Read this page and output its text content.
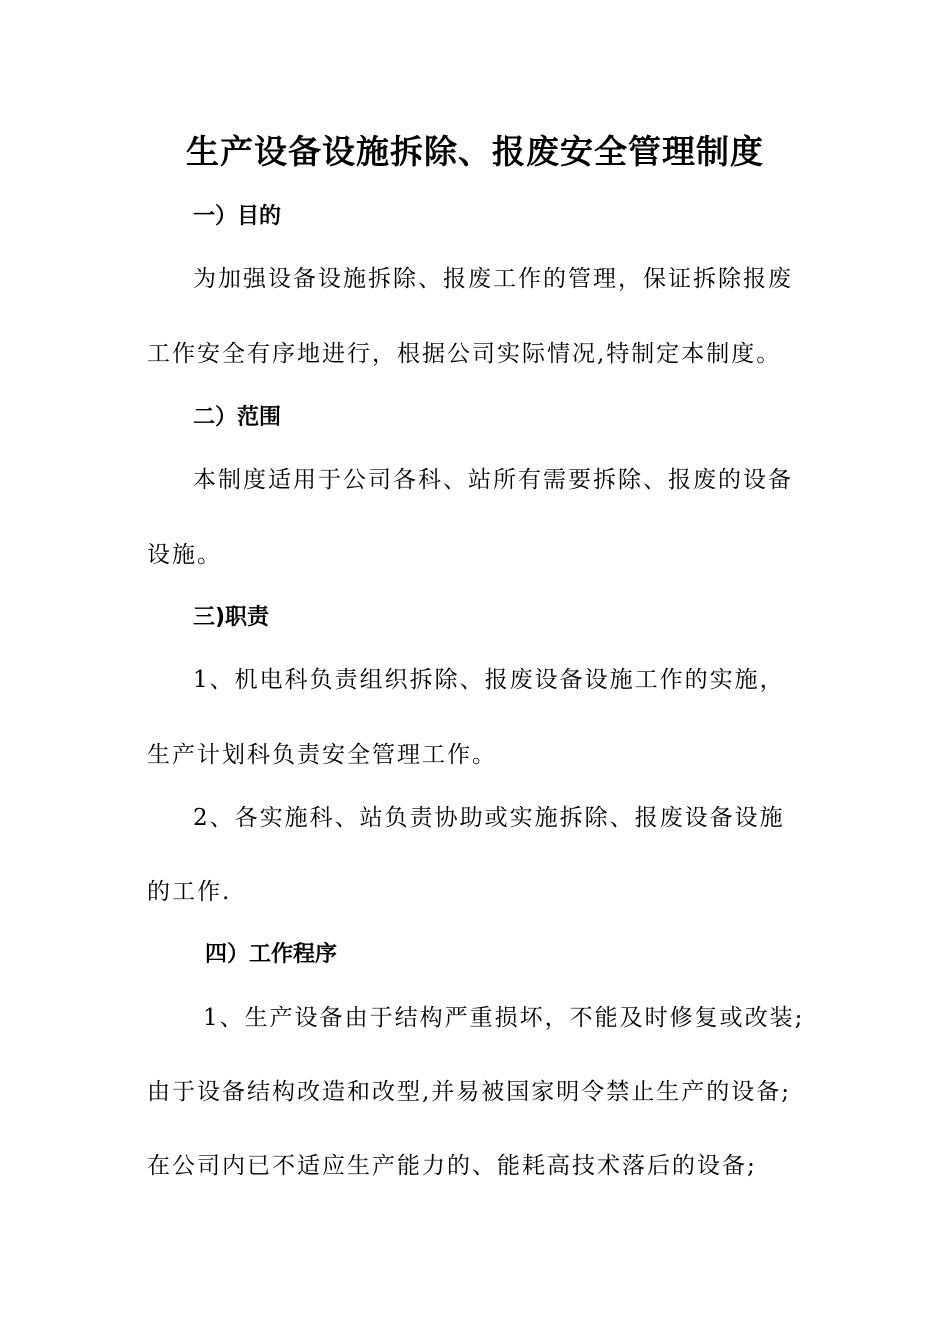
生产设备设施拆除、报废安全管理制度
一）目的
为加强设备设施拆除、报废工作的管理，保证拆除报废
工作安全有序地进行，根据公司实际情况,特制定本制度。
二）范围
本制度适用于公司各科、站所有需要拆除、报废的设备
设施。
三)职责
1、机电科负责组织拆除、报废设备设施工作的实施，
生产计划科负责安全管理工作。
2、各实施科、站负责协助或实施拆除、报废设备设施
的工作.
四）工作程序
1、生产设备由于结构严重损坏，不能及时修复或改装;
由于设备结构改造和改型,并易被国家明令禁止生产的设备;
在公司内已不适应生产能力的、能耗高技术落后的设备;
